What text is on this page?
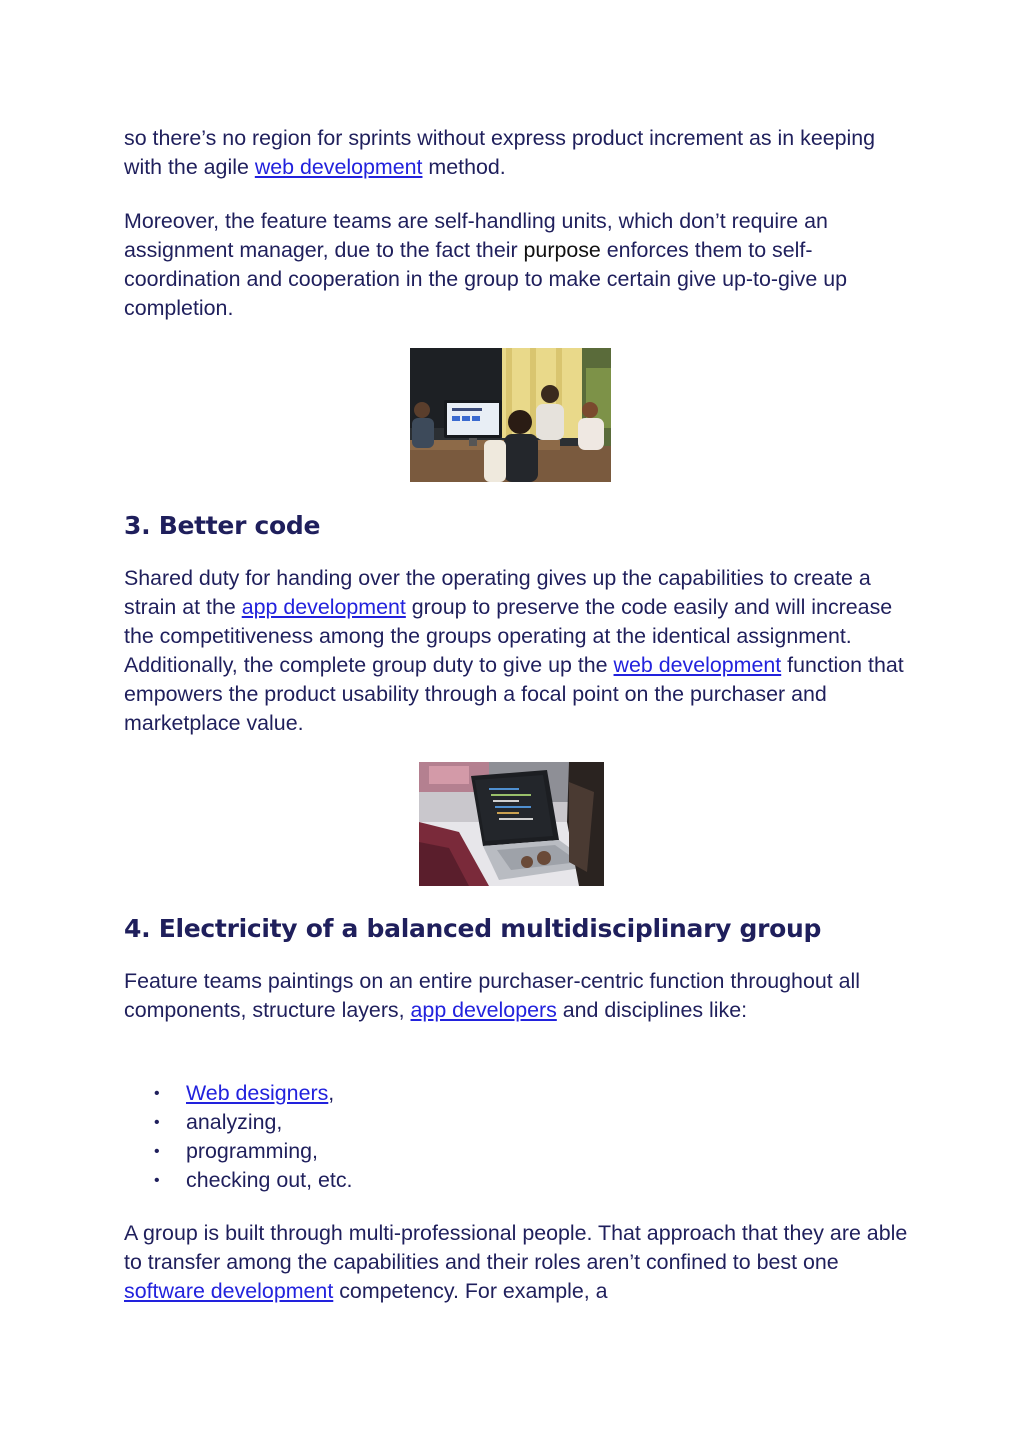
so there’s no region for sprints without express product increment as in keeping with the agile web development method.

Moreover, the feature teams are self-handling units, which don’t require an assignment manager, due to the fact their purpose enforces them to self-coordination and cooperation in the group to make certain give up-to-give up completion.

3. Better code

Shared duty for handing over the operating gives up the capabilities to create a strain at the app development group to preserve the code easily and will increase the competitiveness among the groups operating at the identical assignment. Additionally, the complete group duty to give up the web development function that empowers the product usability through a focal point on the purchaser and marketplace value.

4. Electricity of a balanced multidisciplinary group

Feature teams paintings on an entire purchaser-centric function throughout all components, structure layers, app developers and disciplines like:

• Web designers,
• analyzing,
• programming,
• checking out, etc.

A group is built through multi-professional people. That approach that they are able to transfer among the capabilities and their roles aren’t confined to best one software development competency. For example, a
